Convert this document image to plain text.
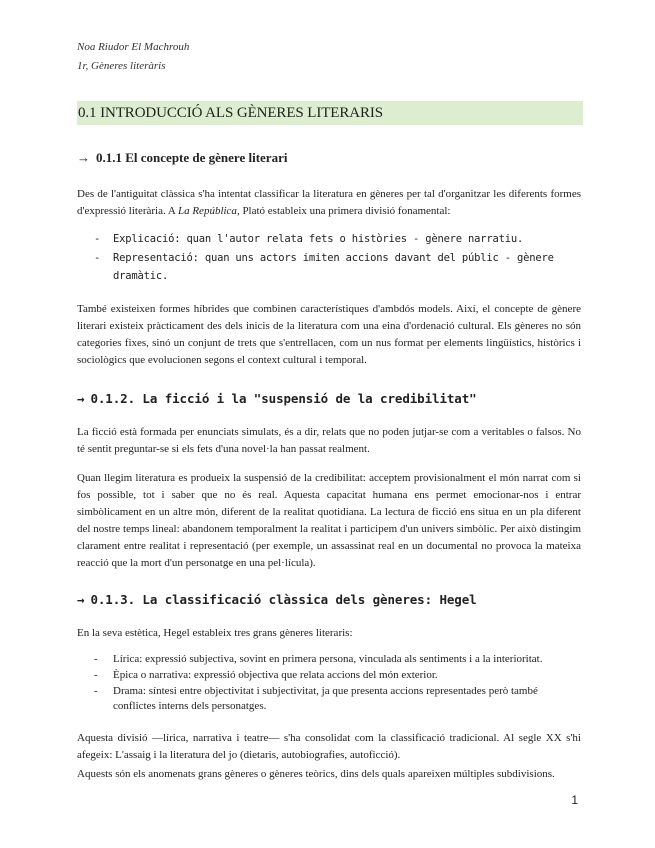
Noa Riudor El Machrouh
1r, Gèneres literàris
0.1 INTRODUCCIÓ ALS GÈNERES LITERARIS
→ 0.1.1 El concepte de gènere literari

Des de l'antiguitat clàssica s'ha intentat classificar la literatura en gèneres per tal d'organitzar les diferents formes d'expressió literària. A La República, Plató estableix una primera divisió fonamental:

- Explicació: quan l'autor relata fets o històries - gènere narratiu.
- Representació: quan uns actors imiten accions davant del públic - gènere dramàtic.

També existeixen formes híbrides que combinen característiques d'ambdós models. Així, el concepte de gènere literari existeix pràcticament des dels inicis de la literatura com una eina d'ordenació cultural. Els gèneres no són categories fixes, sinó un conjunt de trets que s'entrellacen, com un nus format per elements lingüístics, històrics i sociològics que evolucionen segons el context cultural i temporal.

→ 0.1.2. La ficció i la "suspensió de la credibilitat"

La ficció està formada per enunciats simulats, és a dir, relats que no poden jutjar-se com a veritables o falsos. No té sentit preguntar-se si els fets d'una novel·la han passat realment.

Quan llegim literatura es produeix la suspensió de la credibilitat: acceptem provisionalment el món narrat com si fos possible, tot i saber que no és real. Aquesta capacitat humana ens permet emocionar-nos i entrar simbòlicament en un altre món, diferent de la realitat quotidiana. La lectura de ficció ens situa en un pla diferent del nostre temps lineal: abandonem temporalment la realitat i participem d'un univers simbòlic. Per això distingim clarament entre realitat i representació (per exemple, un assassinat real en un documental no provoca la mateixa reacció que la mort d'un personatge en una pel·lícula).

→ 0.1.3. La classificació clàssica dels gèneres: Hegel

En la seva estètica, Hegel estableix tres grans gèneres literaris:

- Lírica: expressió subjectiva, sovint en primera persona, vinculada als sentiments i a la interioritat.
- Èpica o narrativa: expressió objectiva que relata accions del món exterior.
- Drama: síntesi entre objectivitat i subjectivitat, ja que presenta accions representades però també conflictes interns dels personatges.

Aquesta divisió —lírica, narrativa i teatre— s'ha consolidat com la classificació tradicional. Al segle XX s'hi afegeix: L'assaig i la literatura del jo (dietaris, autobiografies, autoficció).

Aquests són els anomenats grans gèneres o gèneres teòrics, dins dels quals apareixen múltiples subdivisions.

1
